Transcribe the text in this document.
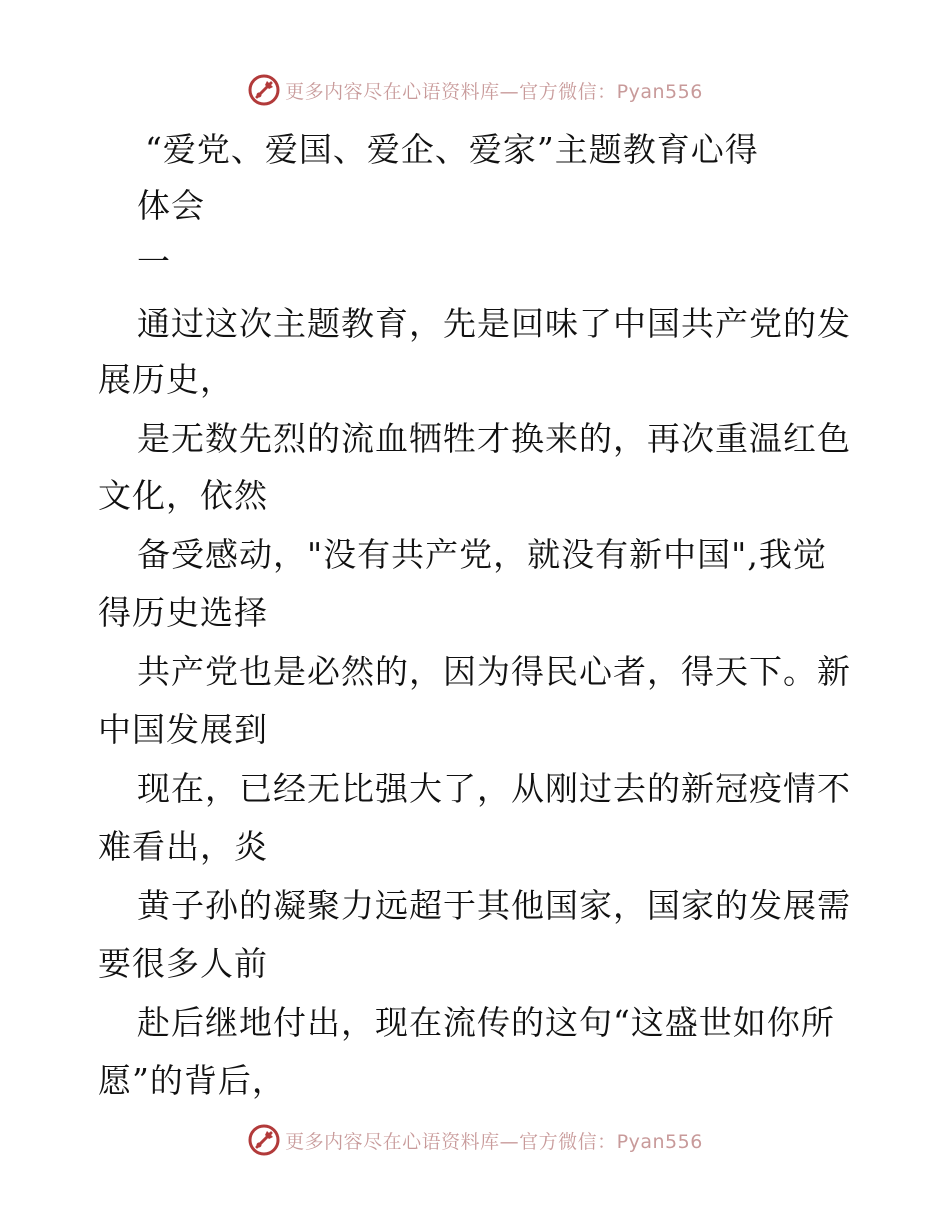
更多内容尽在心语资料库—官方微信：Pyan556
“爱党、爱国、爱企、爱家”主题教育心得
体会
一
通过这次主题教育，先是回味了中国共产党的发
展历史，
是无数先烈的流血牺牲才换来的，再次重温红色
文化，依然
备受感动，"没有共产党，就没有新中国",我觉
得历史选择
共产党也是必然的，因为得民心者，得天下。新
中国发展到
现在，已经无比强大了，从刚过去的新冠疫情不
难看出，炎
黄子孙的凝聚力远超于其他国家，国家的发展需
要很多人前
赴后继地付出，现在流传的这句“这盛世如你所
愿”的背后，
更多内容尽在心语资料库—官方微信：Pyan556
